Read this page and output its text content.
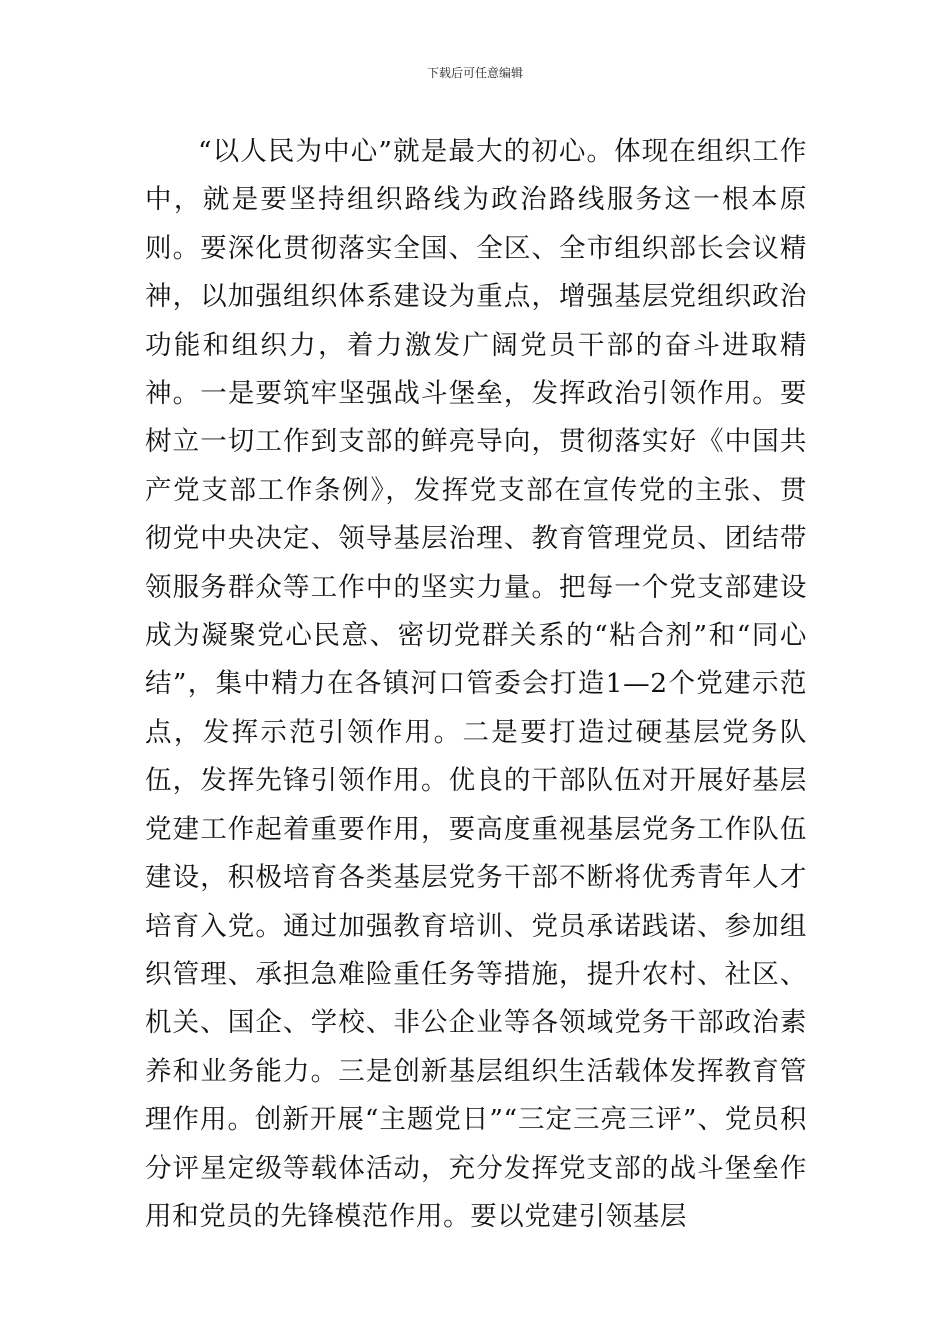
下载后可任意编辑

“以人民为中心”就是最大的初心。体现在组织工作中，就是要坚持组织路线为政治路线服务这一根本原则。要深化贯彻落实全国、全区、全市组织部长会议精神，以加强组织体系建设为重点，增强基层党组织政治功能和组织力，着力激发广阔党员干部的奋斗进取精神。一是要筑牢坚强战斗堡垒，发挥政治引领作用。要树立一切工作到支部的鲜亮导向，贯彻落实好《中国共产党支部工作条例》，发挥党支部在宣传党的主张、贯彻党中央决定、领导基层治理、教育管理党员、团结带领服务群众等工作中的坚实力量。把每一个党支部建设成为凝聚党心民意、密切党群关系的“粘合剂”和“同心结”，集中精力在各镇河口管委会打造1—2个党建示范点，发挥示范引领作用。二是要打造过硬基层党务队伍，发挥先锋引领作用。优良的干部队伍对开展好基层党建工作起着重要作用，要高度重视基层党务工作队伍建设，积极培育各类基层党务干部不断将优秀青年人才培育入党。通过加强教育培训、党员承诺践诺、参加组织管理、承担急难险重任务等措施，提升农村、社区、机关、国企、学校、非公企业等各领域党务干部政治素养和业务能力。三是创新基层组织生活载体发挥教育管理作用。创新开展“主题党日”“三定三亮三评”、党员积分评星定级等载体活动，充分发挥党支部的战斗堡垒作用和党员的先锋模范作用。要以党建引领基层
